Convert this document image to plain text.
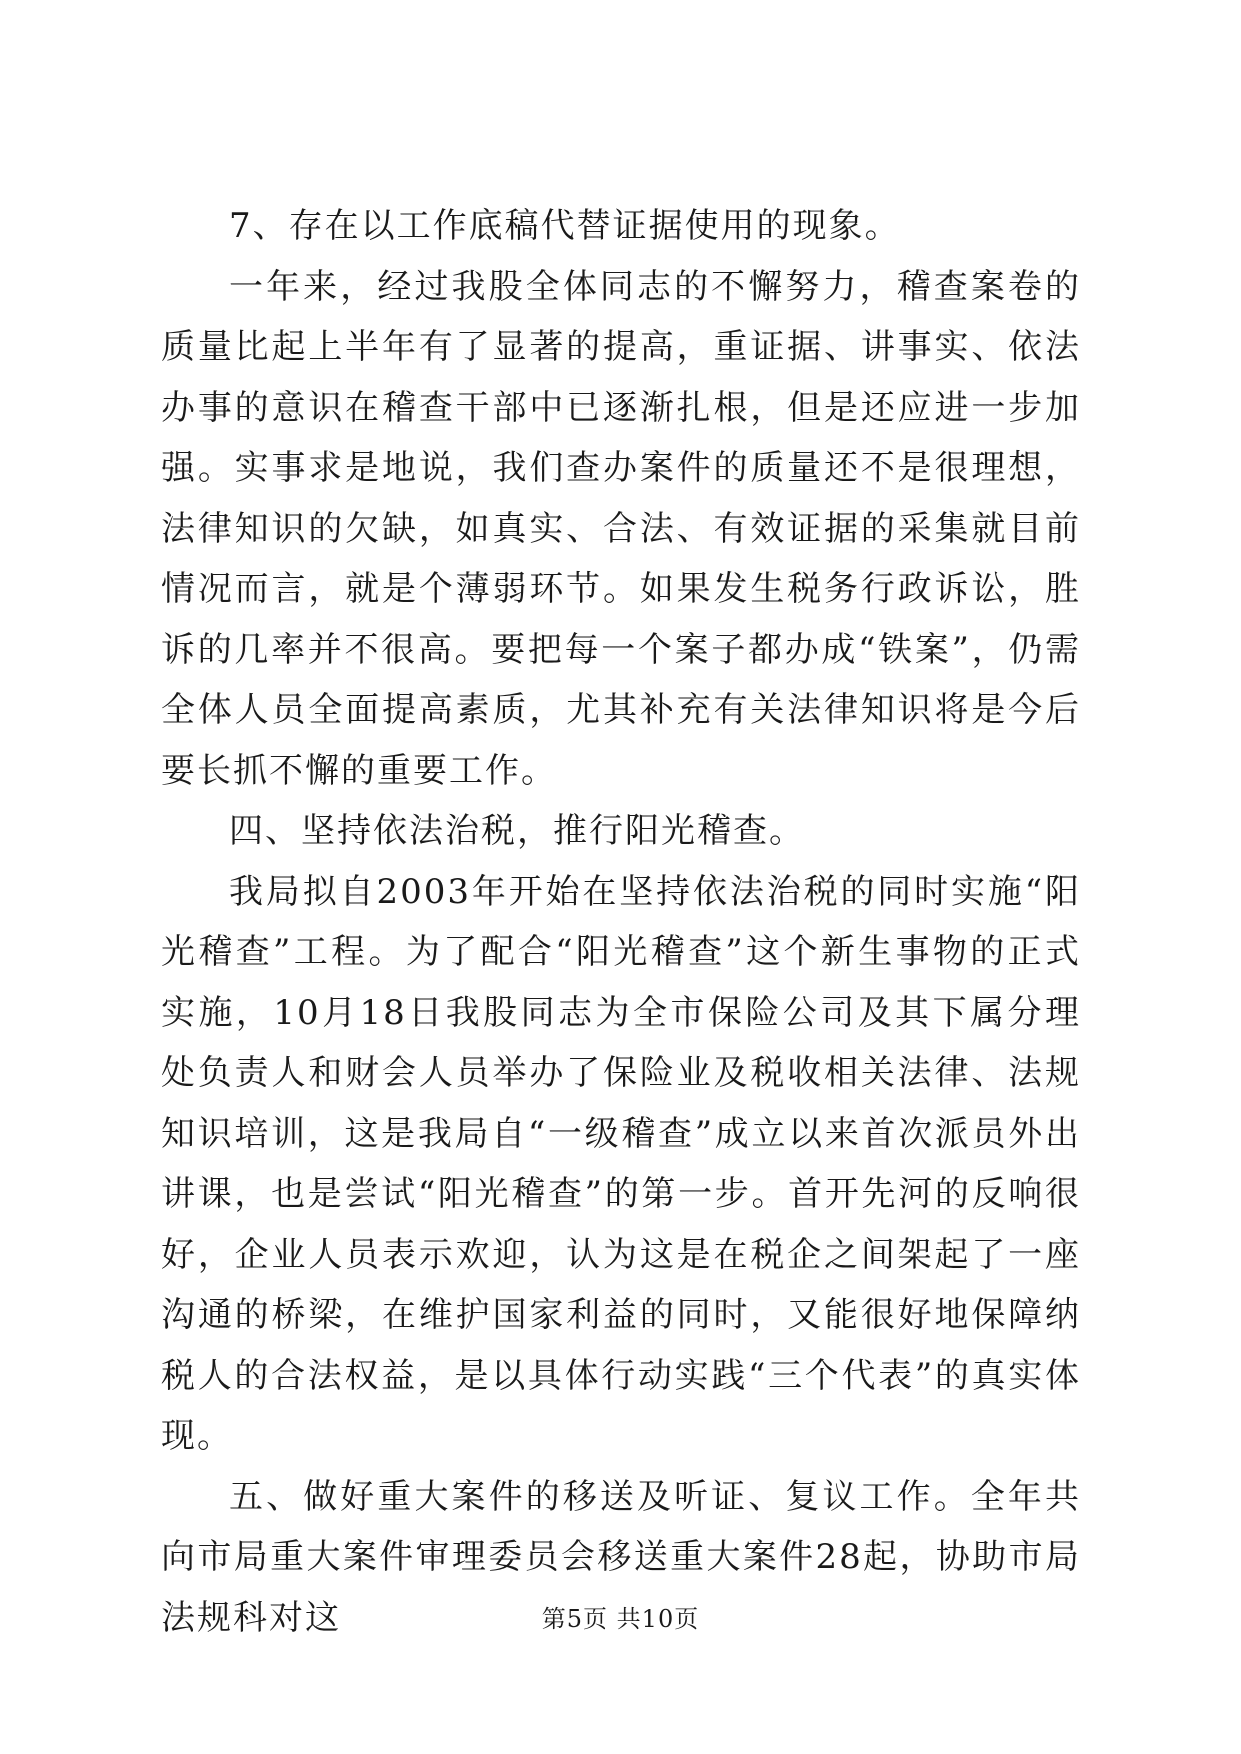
7、存在以工作底稿代替证据使用的现象。

一年来，经过我股全体同志的不懈努力，稽查案卷的质量比起上半年有了显著的提高，重证据、讲事实、依法办事的意识在稽查干部中已逐渐扎根，但是还应进一步加强。实事求是地说，我们查办案件的质量还不是很理想，法律知识的欠缺，如真实、合法、有效证据的采集就目前情况而言，就是个薄弱环节。如果发生税务行政诉讼，胜诉的几率并不很高。要把每一个案子都办成“铁案”，仍需全体人员全面提高素质，尤其补充有关法律知识将是今后要长抓不懈的重要工作。

四、坚持依法治税，推行阳光稽查。

我局拟自2003年开始在坚持依法治税的同时实施“阳光稽查”工程。为了配合“阳光稽查”这个新生事物的正式实施，10月18日我股同志为全市保险公司及其下属分理处负责人和财会人员举办了保险业及税收相关法律、法规知识培训，这是我局自“一级稽查”成立以来首次派员外出讲课，也是尝试“阳光稽查”的第一步。首开先河的反响很好，企业人员表示欢迎，认为这是在税企之间架起了一座沟通的桥梁，在维护国家利益的同时，又能很好地保障纳税人的合法权益，是以具体行动实践“三个代表”的真实体现。

五、做好重大案件的移送及听证、复议工作。全年共向市局重大案件审理委员会移送重大案件28起，协助市局法规科对这	第5页 共10页
